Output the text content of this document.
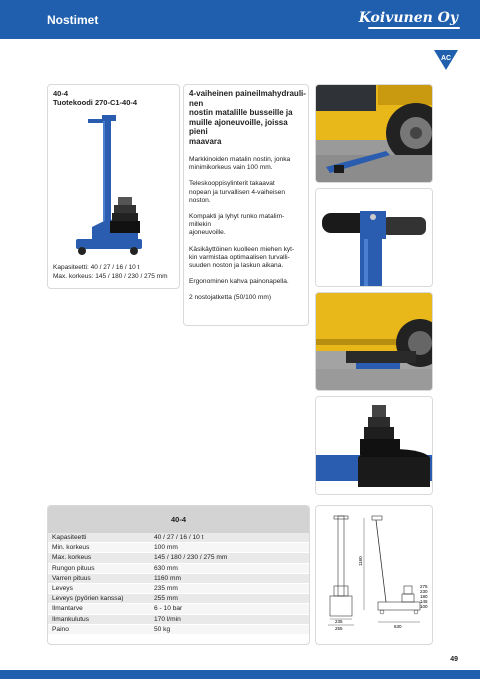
Nostimet	Koivunen Oy
AC
40-4
Tuotekoodi 270-C1-40-4
Kapasiteetti: 40 / 27 / 16 / 10 t
Max. korkeus: 145 / 180 / 230 / 275 mm
4-vaiheinen paineilmahydrauli-
nen
nostin matalille busseille ja
muille ajoneuvoille, joissa pieni
maavara

Markkinoiden matalin nostin, jonka
minimikorkeus vain 100 mm.

Teleskooppisylinterit takaavat
nopean ja turvallisen 4-vaiheisen
noston.

Kompakti ja lyhyt runko matalim-
millekin
ajoneuvoille.

Käsikäyttöinen kuolleen miehen kyt-
kin varmistaa optimaalisen turvalli-
suuden noston ja laskun aikana.

Ergonominen kahva painonapella.

2 nostojatketta (50/100 mm)

40-4
Kapasiteetti	40 / 27 / 16 / 10 t
Min. korkeus	100 mm
Max. korkeus	145 / 180 / 230 / 275 mm
Rungon pituus	630 mm
Varren pituus	1160 mm
Leveys	235 mm
Leveys (pyörien kanssa)	255 mm
Ilmantarve	6 - 10 bar
Ilmankulutus	170 l/min
Paino	50 kg
235
255
1160
630
275
230
180
145
100
49
